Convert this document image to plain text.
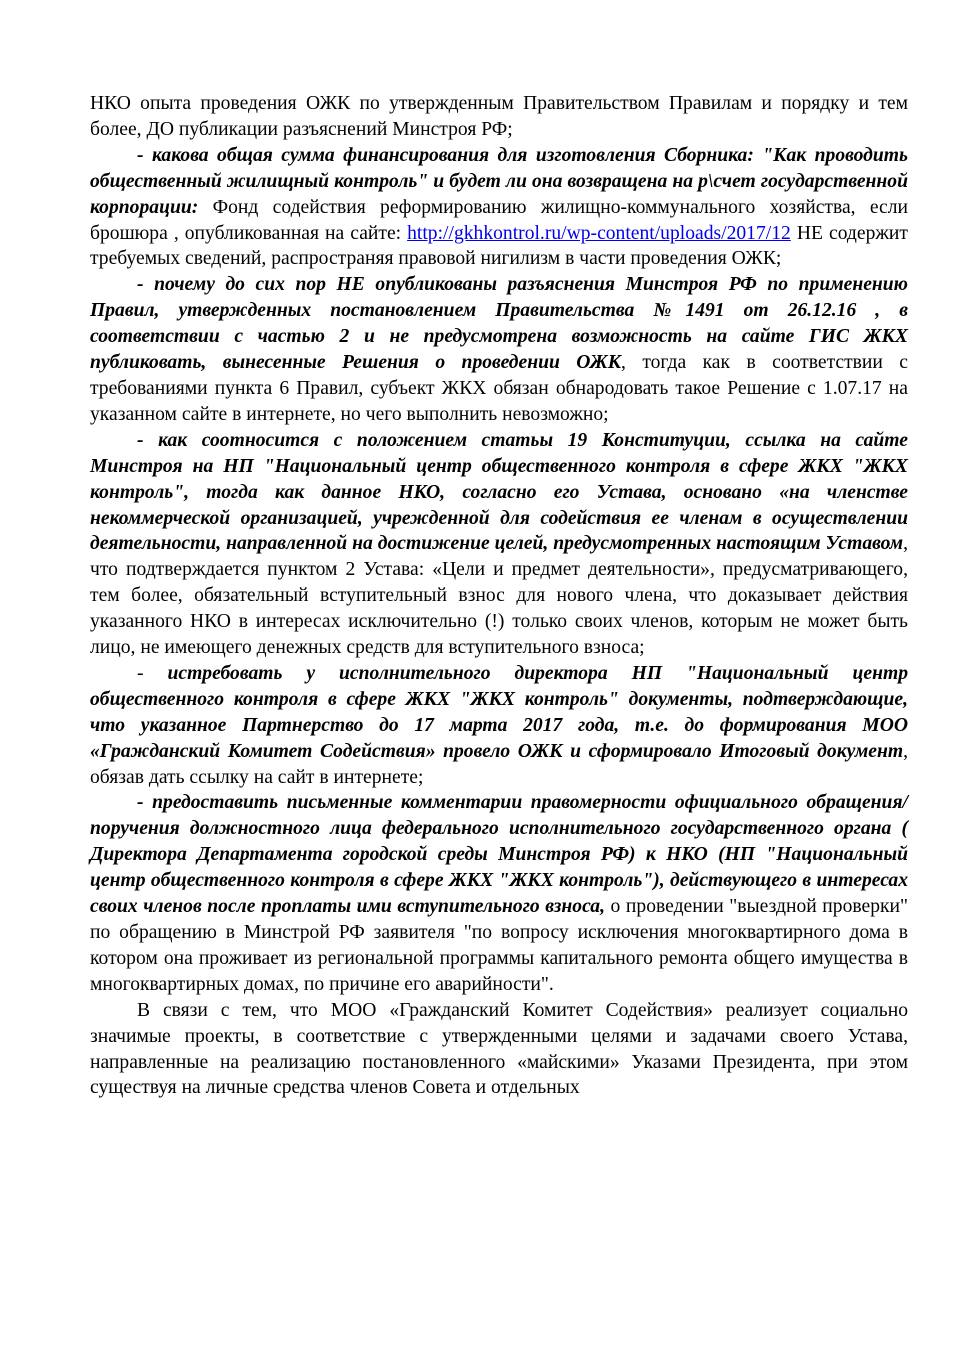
НКО опыта проведения ОЖК по утвержденным Правительством Правилам и порядку и тем более, ДО публикации разъяснений Минстроя РФ;

- какова общая сумма финансирования для изготовления Сборника: "Как проводить общественный жилищный контроль" и будет ли она возвращена на р\счет государственной корпорации: Фонд содействия реформированию жилищно-коммунального хозяйства, если брошюра , опубликованная на сайте: http://gkhkontrol.ru/wp-content/uploads/2017/12 НЕ содержит требуемых сведений, распространяя правовой нигилизм в части проведения ОЖК;

- почему до сих пор НЕ опубликованы разъяснения Минстроя РФ по применению Правил, утвержденных постановлением Правительства №1491 от 26.12.16 , в соответствии с частью 2 и не предусмотрена возможность на сайте ГИС ЖКХ публиковать, вынесенные Решения о проведении ОЖК, тогда как в соответствии с требованиями пункта 6 Правил, субъект ЖКХ обязан обнародовать такое Решение с 1.07.17 на указанном сайте в интернете, но чего выполнить невозможно;

- как соотносится с положением статьы 19 Конституции, ссылка на сайте Минстроя на НП "Национальный центр общественного контроля в сфере ЖКХ "ЖКХ контроль", тогда как данное НКО, согласно его Устава, основано «на членстве некоммерческой организацией, учрежденной для содействия ее членам в осуществлении деятельности, направленной на достижение целей, предусмотренных настоящим Уставом, что подтверждается пунктом 2 Устава: «Цели и предмет деятельности», предусматривающего, тем более, обязательный вступительный взнос для нового члена, что доказывает действия указанного НКО в интересах исключительно (!) только своих членов, которым не может быть лицо, не имеющего денежных средств для вступительного взноса;

- истребовать у исполнительного директора НП "Национальный центр общественного контроля в сфере ЖКХ "ЖКХ контроль" документы, подтверждающие, что указанное Партнерство до 17 марта 2017 года, т.е. до формирования МОО «Гражданский Комитет Содействия» провело ОЖК и сформировало Итоговый документ, обязав дать ссылку на сайт в интернете;

- предоставить письменные комментарии правомерности официального обращения/поручения должностного лица федерального исполнительного государственного органа ( Директора Департамента городской среды Минстроя РФ) к НКО (НП "Национальный центр общественного контроля в сфере ЖКХ "ЖКХ контроль"), действующего в интересах своих членов после проплаты ими вступительного взноса, о проведении "выездной проверки" по обращению в Минстрой РФ заявителя "по вопросу исключения многоквартирного дома в котором она проживает из региональной программы капитального ремонта общего имущества в многоквартирных домах, по причине его аварийности".

В связи с тем, что МОО «Гражданский Комитет Содействия» реализует социально значимые проекты, в соответствие с утвержденными целями и задачами своего Устава, направленные на реализацию постановленного «майскими» Указами Президента, при этом существуя на личные средства членов Совета и отдельных
